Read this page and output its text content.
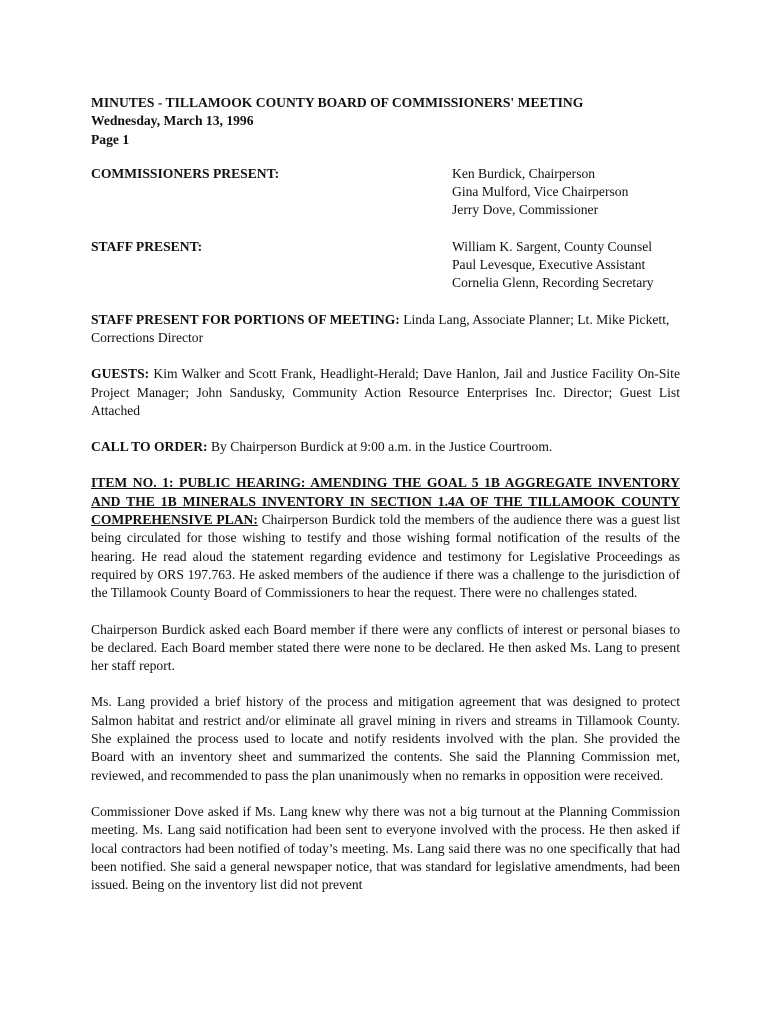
MINUTES - TILLAMOOK COUNTY BOARD OF COMMISSIONERS' MEETING

Wednesday, March 13, 1996

Page 1

COMMISSIONERS PRESENT:	Ken Burdick, Chairperson
Gina Mulford, Vice Chairperson
Jerry Dove, Commissioner
STAFF PRESENT:	William K. Sargent, County Counsel
Paul Levesque, Executive Assistant
Cornelia Glenn, Recording Secretary

STAFF PRESENT FOR PORTIONS OF MEETING: Linda Lang, Associate Planner; Lt. Mike Pickett, Corrections Director

GUESTS: Kim Walker and Scott Frank, Headlight-Herald; Dave Hanlon, Jail and Justice Facility On-Site Project Manager; John Sandusky, Community Action Resource Enterprises Inc. Director; Guest List Attached

CALL TO ORDER: By Chairperson Burdick at 9:00 a.m. in the Justice Courtroom.

ITEM NO. 1: PUBLIC HEARING: AMENDING THE GOAL 5 1B AGGREGATE INVENTORY AND THE 1B MINERALS INVENTORY IN SECTION 1.4A OF THE TILLAMOOK COUNTY COMPREHENSIVE PLAN: Chairperson Burdick told the members of the audience there was a guest list being circulated for those wishing to testify and those wishing formal notification of the results of the hearing. He read aloud the statement regarding evidence and testimony for Legislative Proceedings as required by ORS 197.763. He asked members of the audience if there was a challenge to the jurisdiction of the Tillamook County Board of Commissioners to hear the request. There were no challenges stated.

Chairperson Burdick asked each Board member if there were any conflicts of interest or personal biases to be declared. Each Board member stated there were none to be declared. He then asked Ms. Lang to present her staff report.

Ms. Lang provided a brief history of the process and mitigation agreement that was designed to protect Salmon habitat and restrict and/or eliminate all gravel mining in rivers and streams in Tillamook County. She explained the process used to locate and notify residents involved with the plan. She provided the Board with an inventory sheet and summarized the contents. She said the Planning Commission met, reviewed, and recommended to pass the plan unanimously when no remarks in opposition were received.

Commissioner Dove asked if Ms. Lang knew why there was not a big turnout at the Planning Commission meeting. Ms. Lang said notification had been sent to everyone involved with the process. He then asked if local contractors had been notified of today’s meeting. Ms. Lang said there was no one specifically that had been notified. She said a general newspaper notice, that was standard for legislative amendments, had been issued. Being on the inventory list did not prevent
